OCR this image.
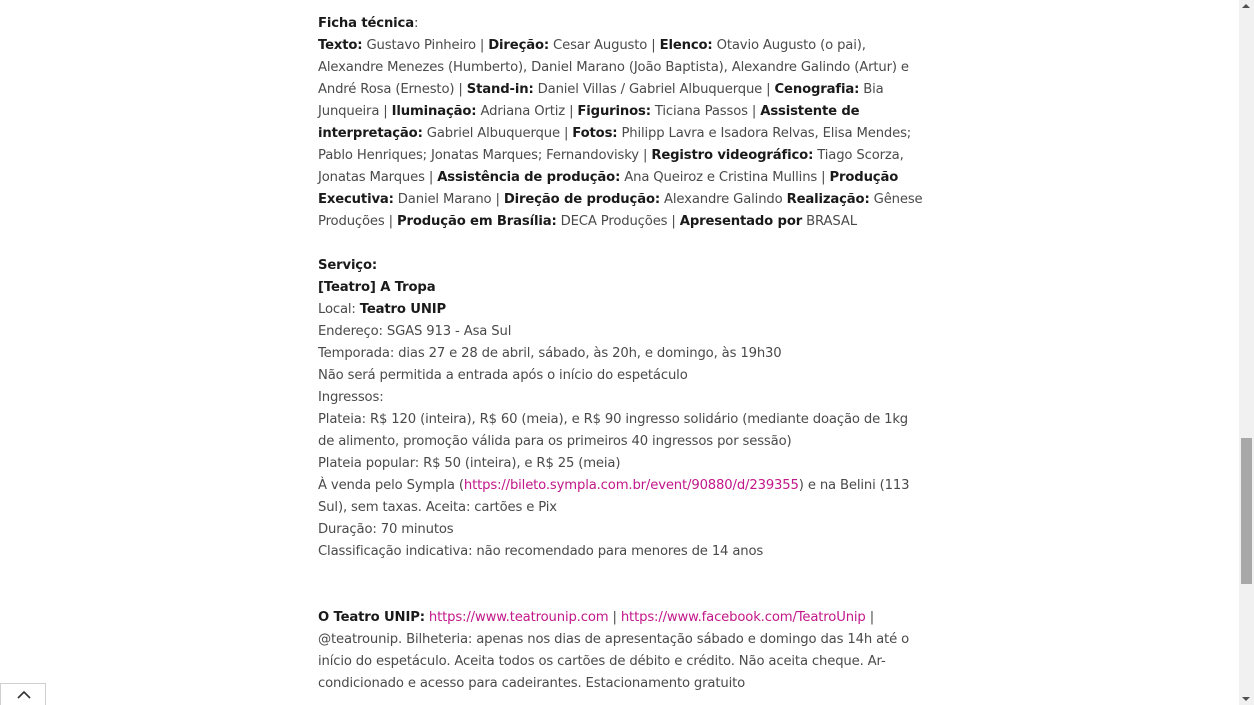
Ficha técnica:
Texto: Gustavo Pinheiro | Direção: Cesar Augusto | Elenco: Otavio Augusto (o pai), Alexandre Menezes (Humberto), Daniel Marano (João Baptista), Alexandre Galindo (Artur) e André Rosa (Ernesto) | Stand-in: Daniel Villas / Gabriel Albuquerque | Cenografia: Bia Junqueira | Iluminação: Adriana Ortiz | Figurinos: Ticiana Passos | Assistente de interpretação: Gabriel Albuquerque | Fotos: Philipp Lavra e Isadora Relvas, Elisa Mendes; Pablo Henriques; Jonatas Marques; Fernandovisky | Registro videográfico: Tiago Scorza, Jonatas Marques | Assistência de produção: Ana Queiroz e Cristina Mullins | Produção Executiva: Daniel Marano | Direção de produção: Alexandre Galindo Realização: Gênese Produções | Produção em Brasília: DECA Produções | Apresentado por BRASAL

Serviço:
[Teatro] A Tropa
Local: Teatro UNIP
Endereço: SGAS 913 - Asa Sul
Temporada: dias 27 e 28 de abril, sábado, às 20h, e domingo, às 19h30
Não será permitida a entrada após o início do espetáculo
Ingressos:
Plateia: R$ 120 (inteira), R$ 60 (meia), e R$ 90 ingresso solidário (mediante doação de 1kg de alimento, promoção válida para os primeiros 40 ingressos por sessão)
Plateia popular: R$ 50 (inteira), e R$ 25 (meia)
À venda pelo Sympla (https://bileto.sympla.com.br/event/90880/d/239355) e na Belini (113 Sul), sem taxas. Aceita: cartões e Pix
Duração: 70 minutos
Classificação indicativa: não recomendado para menores de 14 anos

O Teatro UNIP: https://www.teatrounip.com | https://www.facebook.com/TeatroUnip | @teatrounip. Bilheteria: apenas nos dias de apresentação sábado e domingo das 14h até o início do espetáculo. Aceita todos os cartões de débito e crédito. Não aceita cheque. Ar-condicionado e acesso para cadeirantes. Estacionamento gratuito
